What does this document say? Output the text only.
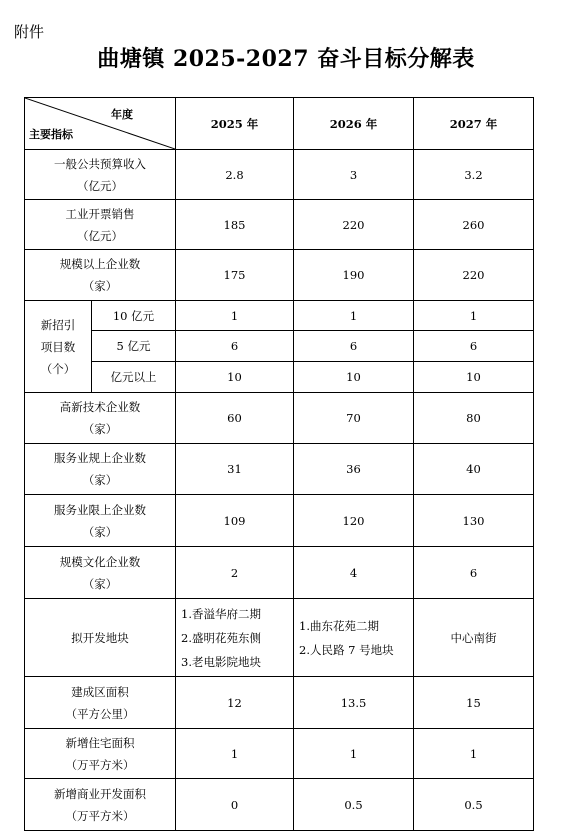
附件
曲塘镇 2025-2027 奋斗目标分解表
年度
主要指标		2025 年	2026 年	2027 年

一般公共预算收入
（亿元）		2.8	3	3.2

工业开票销售
（亿元）		185	220	260

规模以上企业数
（家）		175	190	220

新招引
项目数
（个）	10 亿元	1	1	1
	5 亿元	6	6	6
	亿元以上	10	10	10

高新技术企业数
（家）		60	70	80

服务业规上企业数
（家）		31	36	40

服务业限上企业数
（家）		109	120	130

规模文化企业数
（家）		2	4	6
拟开发地块		1.香溢华府二期
2.盛明花苑东侧
3.老电影院地块	1.曲东花苑二期
2.人民路 7 号地块	中心南街

建成区面积
（平方公里）		12	13.5	15

新增住宅面积
（万平方米）		1	1	1

新增商业开发面积
（万平方米）		0	0.5	0.5
